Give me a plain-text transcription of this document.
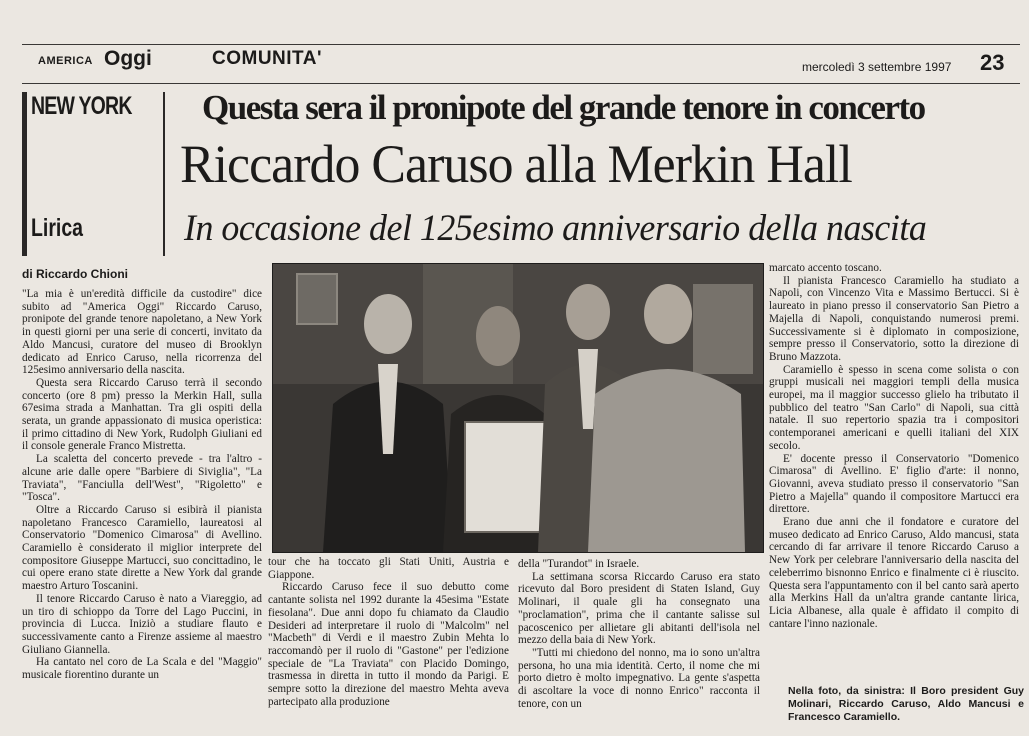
AMERICA Oggi	COMUNITA'	mercoledì 3 settembre 1997 23
NEW YORK
Lirica
Questa sera il pronipote del grande tenore in concerto
Riccardo Caruso alla Merkin Hall
In occasione del 125esimo anniversario della nascita
di Riccardo Chioni

"La mia è un'eredità difficile da custodire" dice subito ad "America Oggi" Riccardo Caruso, pronipote del grande tenore napoletano, a New York in questi giorni per una serie di concerti, invitato da Aldo Mancusi, curatore del museo di Brooklyn dedicato ad Enrico Caruso, nella ricorrenza del 125esimo anniversario della nascita.

Questa sera Riccardo Caruso terrà il secondo concerto (ore 8 pm) presso la Merkin Hall, sulla 67esima strada a Manhattan. Tra gli ospiti della serata, un grande appassionato di musica operistica: il primo cittadino di New York, Rudolph Giuliani ed il console generale Franco Mistretta.

La scaletta del concerto prevede - tra l'altro - alcune arie dalle opere "Barbiere di Siviglia", "La Traviata", "Fanciulla dell'West", "Rigoletto" e "Tosca".

Oltre a Riccardo Caruso si esibirà il pianista napoletano Francesco Caramiello, laureatosi al Conservatorio "Domenico Cimarosa" di Avellino. Caramiello è considerato il miglior interprete del compositore Giuseppe Martucci, suo concittadino, le cui opere erano state dirette a New York dal grande maestro Arturo Toscanini.

Il tenore Riccardo Caruso è nato a Viareggio, ad un tiro di schioppo da Torre del Lago Puccini, in provincia di Lucca. Iniziò a studiare flauto e successivamente canto a Firenze assieme al maestro Giuliano Giannella.

Ha cantato nel coro de La Scala e del "Maggio" musicale fiorentino durante un

tour che ha toccato gli Stati Uniti, Austria e Giappone.

Riccardo Caruso fece il suo debutto come cantante solista nel 1992 durante la 45esima "Estate fiesolana". Due anni dopo fu chiamato da Claudio Desideri ad interpretare il ruolo di "Malcolm" nel "Macbeth" di Verdi e il maestro Zubin Mehta lo raccomandò per il ruolo di "Gastone" per l'edizione speciale de "La Traviata" con Placido Domingo, trasmessa in diretta in tutto il mondo da Parigi. E sempre sotto la direzione del maestro Mehta aveva partecipato alla produzione

della "Turandot" in Israele.

La settimana scorsa Riccardo Caruso era stato ricevuto dal Boro president di Staten Island, Guy Molinari, il quale gli ha consegnato una "proclamation", prima che il cantante salisse sul pacoscenico per allietare gli abitanti dell'isola nel mezzo della baia di New York.

"Tutti mi chiedono del nonno, ma io sono un'altra persona, ho una mia identità. Certo, il nome che mi porto dietro è molto impegnativo. La gente s'aspetta di ascoltare la voce di nonno Enrico" racconta il tenore, con un

marcato accento toscano.

Il pianista Francesco Caramiello ha studiato a Napoli, con Vincenzo Vita e Massimo Bertucci. Si è laureato in piano presso il conservatorio San Pietro a Majella di Napoli, conquistando numerosi premi. Successivamente si è diplomato in composizione, sempre presso il Conservatorio, sotto la direzione di Bruno Mazzota.

Caramiello è spesso in scena come solista o con gruppi musicali nei maggiori templi della musica europei, ma il maggior successo glielo ha tributato il pubblico del teatro "San Carlo" di Napoli, sua città natale. Il suo repertorio spazia tra i compositori contemporanei americani e quelli italiani del XIX secolo.

E' docente presso il Conservatorio "Domenico Cimarosa" di Avellino. E' figlio d'arte: il nonno, Giovanni, aveva studiato presso il conservatorio "San Pietro a Majella" quando il compositore Martucci era direttore.

Erano due anni che il fondatore e curatore del museo dedicato ad Enrico Caruso, Aldo mancusi, stata cercando di far arrivare il tenore Riccardo Caruso a New York per celebrare l'anniversario della nascita del celeberrimo bisnonno Enrico e finalmente ci è riuscito. Questa sera l'appuntamento con il bel canto sarà aperto alla Merkins Hall da un'altra grande cantante lirica, Licia Albanese, alla quale è affidato il compito di cantare l'inno nazionale.

Nella foto, da sinistra: Il Boro president Guy Molinari, Riccardo Caruso, Aldo Mancusi e Francesco Caramiello.
